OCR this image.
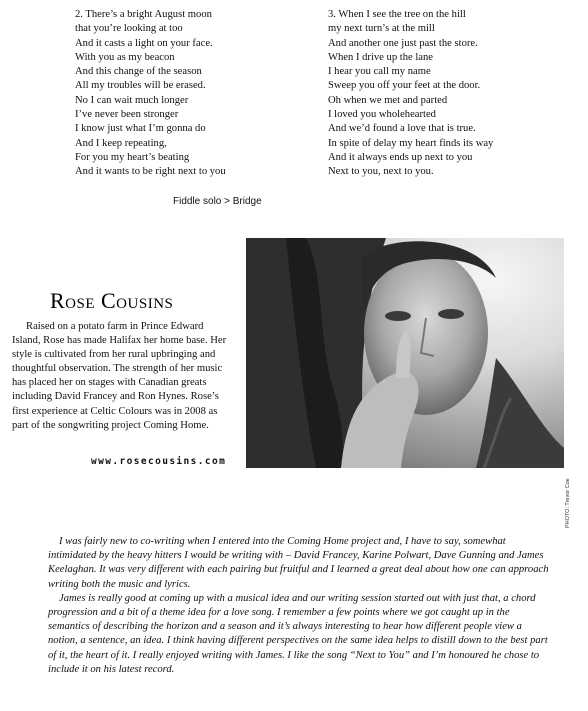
2. There’s a bright August moon
that you’re looking at too
And it casts a light on your face.
With you as my beacon
And this change of the season
All my troubles will be erased.
No I can wait much longer
I’ve never been stronger
I know just what I’m gonna do
And I keep repeating,
For you my heart’s beating
And it wants to be right next to you
3. When I see the tree on the hill
my next turn’s at the mill
And another one just past the store.
When I drive up the lane
I hear you call my name
Sweep you off your feet at the door.
Oh when we met and parted
I loved you wholehearted
And we’d found a love that is true.
In spite of delay my heart finds its way
And it always ends up next to you
Next to you, next to you.
Fiddle solo > Bridge
PHOTO: Trevor Coe
Rose Cousins

Raised on a potato farm in Prince Edward Island, Rose has made Halifax her home base. Her style is cultivated from her rural upbringing and thoughtful observation. The strength of her music has placed her on stages with Canadian greats including David Francey and Ron Hynes. Rose’s first experience at Celtic Colours was in 2008 as part of the songwriting project Coming Home.

www.rosecousins.com

I was fairly new to co-writing when I entered into the Coming Home project and, I have to say, somewhat intimidated by the heavy hitters I would be writing with – David Francey, Karine Polwart, Dave Gunning and James Keelaghan. It was very different with each pairing but fruitful and I learned a great deal about how one can approach writing both the music and lyrics.

James is really good at coming up with a musical idea and our writing session started out with just that, a chord progression and a bit of a theme idea for a love song. I remember a few points where we got caught up in the semantics of describing the horizon and a season and it’s always interesting to hear how different people view a notion, a sentence, an idea. I think having different perspectives on the same idea helps to distill down to the best part of it, the heart of it. I really enjoyed writing with James. I like the song “Next to You” and I’m honoured he chose to include it on his latest record.
